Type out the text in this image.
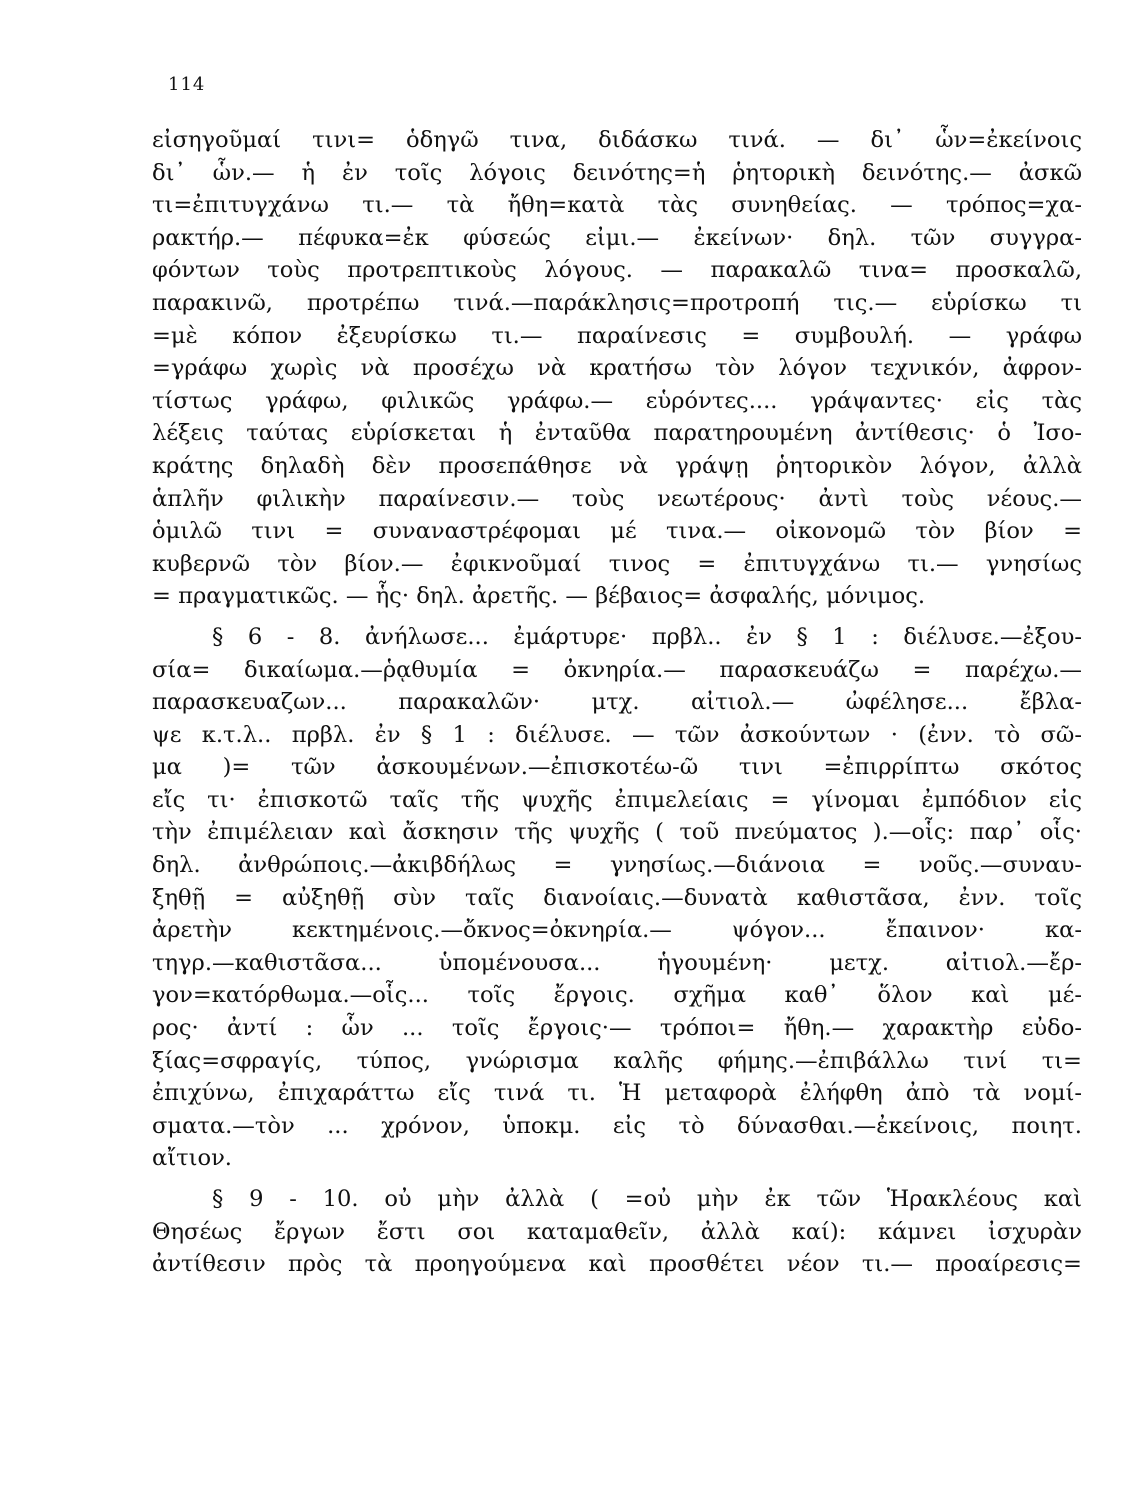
114
εἰσηγοῦμαί τινι= ὁδηγῶ τινα, διδάσκω τινά. — δι᾽ ὧν=ἐκείνοις
δι᾽ ὧν.— ἡ ἐν τοῖς λόγοις δεινότης=ἡ ῥητορικὴ δεινότης.— ἀσκῶ
τι=ἐπιτυγχάνω τι.— τὰ ἤθη=κατὰ τὰς συνηθείας. — τρόπος=χα-
ρακτήρ.— πέφυκα=ἐκ φύσεώς εἰμι.— ἐκείνων· δηλ. τῶν συγγρα-
φόντων τοὺς προτρεπτικοὺς λόγους. — παρακαλῶ τινα= προσκαλῶ,
παρακινῶ, προτρέπω τινά.—παράκλησις=προτροπή τις.— εὑρίσκω τι
=μὲ κόπον ἐξευρίσκω τι.— παραίνεσις = συμβουλή. — γράφω
=γράφω χωρὶς νὰ προσέχω νὰ κρατήσω τὸν λόγον τεχνικόν, ἀφρον-
τίστως γράφω, φιλικῶς γράφω.— εὑρόντες.... γράψαντες· εἰς τὰς
λέξεις ταύτας εὑρίσκεται ἡ ἐνταῦθα παρατηρουμένη ἀντίθεσις· ὁ Ἰσο-
κράτης δηλαδὴ δὲν προσεπάθησε νὰ γράψῃ ῥητορικὸν λόγον, ἀλλὰ
ἁπλῆν φιλικὴν παραίνεσιν.— τοὺς νεωτέρους· ἀντὶ τοὺς νέους.—
ὁμιλῶ τινι = συναναστρέφομαι μέ τινα.— οἰκονομῶ τὸν βίον =
κυβερνῶ τὸν βίον.— ἐφικνοῦμαί τινος = ἐπιτυγχάνω τι.— γνησίως
= πραγματικῶς. — ἧς· δηλ. ἀρετῆς. — βέβαιος= ἀσφαλής, μόνιμος.
§ 6 - 8. ἀνήλωσε... ἐμάρτυρε· πρβλ.. ἐν § 1 : διέλυσε.—ἐξου-
σία= δικαίωμα.—ῥᾳθυμία = ὀκνηρία.— παρασκευάζω = παρέχω.—
παρασκευαζων... παρακαλῶν· μτχ. αἰτιολ.— ὠφέλησε... ἔβλα-
ψε κ.τ.λ.. πρβλ. ἐν § 1 : διέλυσε. — τῶν ἀσκούντων · (ἐνν. τὸ σῶ-
μα )= τῶν ἀσκουμένων.—ἐπισκοτέω-ῶ τινι =ἐπιρρίπτω σκότος
εἴς τι· ἐπισκοτῶ ταῖς τῆς ψυχῆς ἐπιμελείαις = γίνομαι ἐμπόδιον εἰς
τὴν ἐπιμέλειαν καὶ ἄσκησιν τῆς ψυχῆς ( τοῦ πνεύματος ).—οἷς: παρ᾽ οἷς·
δηλ. ἀνθρώποις.—ἀκιβδήλως = γνησίως.—διάνοια = νοῦς.—συναυ-
ξηθῇ = αὐξηθῇ σὺν ταῖς διανοίαις.—δυνατὰ καθιστᾶσα, ἐνν. τοῖς
ἀρετὴν κεκτημένοις.—ὄκνος=ὀκνηρία.— ψόγον... ἔπαινον· κα-
τηγρ.—καθιστᾶσα... ὑπομένουσα... ἡγουμένη· μετχ. αἰτιολ.—ἔρ-
γον=κατόρθωμα.—οἷς... τοῖς ἔργοις. σχῆμα καθ᾽ ὅλον καὶ μέ-
ρος· ἀντί : ὧν ... τοῖς ἔργοις·— τρόποι= ἤθη.— χαρακτὴρ εὐδο-
ξίας=σφραγίς, τύπος, γνώρισμα καλῆς φήμης.—ἐπιβάλλω τινί τι=
ἐπιχύνω, ἐπιχαράττω εἴς τινά τι. Ἡ μεταφορὰ ἐλήφθη ἀπὸ τὰ νομί-
σματα.—τὸν ... χρόνον, ὑποκμ. εἰς τὸ δύνασθαι.—ἐκείνοις, ποιητ.
αἴτιον.
§ 9 - 10. οὐ μὴν ἀλλὰ ( =οὐ μὴν ἐκ τῶν Ἡρακλέους καὶ
Θησέως ἔργων ἔστι σοι καταμαθεῖν, ἀλλὰ καί): κάμνει ἰσχυρὰν
ἀντίθεσιν πρὸς τὰ προηγούμενα καὶ προσθέτει νέον τι.— προαίρεσις=
